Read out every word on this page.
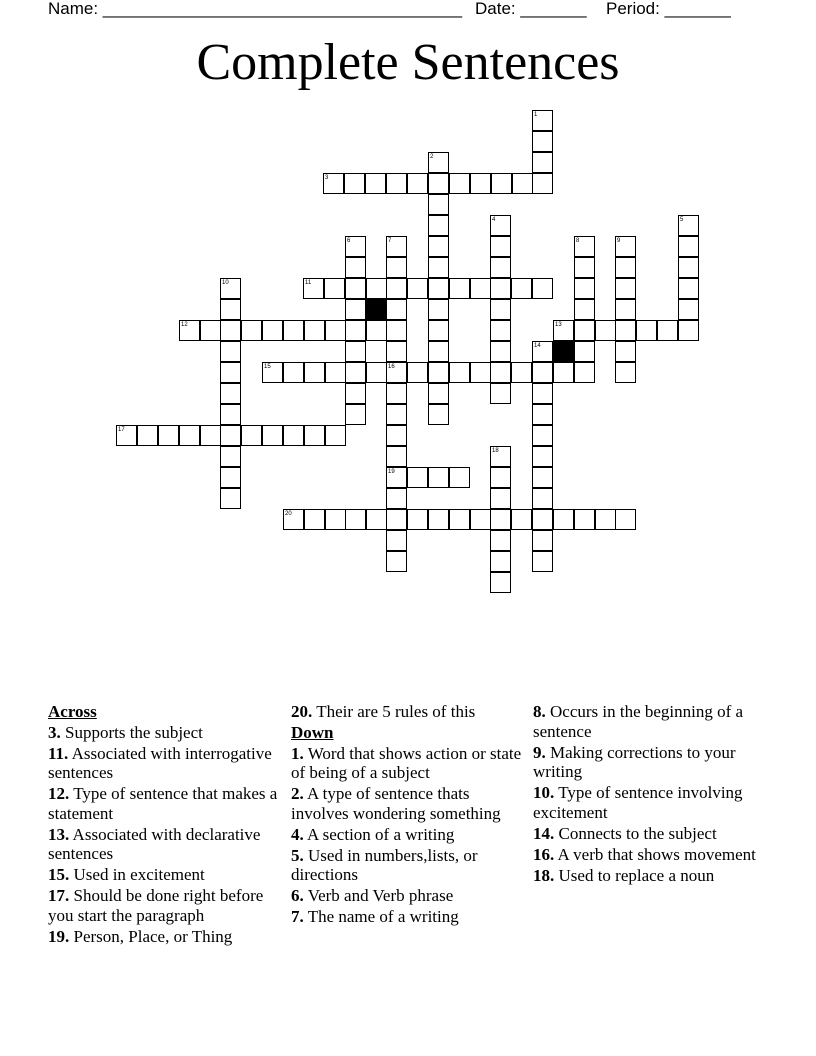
Name: ______________________________________ Date: _______ Period: _______
Complete Sentences
1
2
3
4	5
6	7	8	9
10	11
12	13
14
15	16
17
18
19
20
Across
3. Supports the subject
11. Associated with interrogative sentences
12. Type of sentence that makes a statement
13. Associated with declarative sentences
15. Used in excitement
17. Should be done right before you start the paragraph
19. Person, Place, or Thing
20. Their are 5 rules of this
Down
1. Word that shows action or state of being of a subject
2. A type of sentence thats involves wondering something
4. A section of a writing
5. Used in numbers,lists, or directions
6. Verb and Verb phrase
7. The name of a writing
8. Occurs in the beginning of a sentence
9. Making corrections to your writing
10. Type of sentence involving excitement
14. Connects to the subject
16. A verb that shows movement
18. Used to replace a noun
